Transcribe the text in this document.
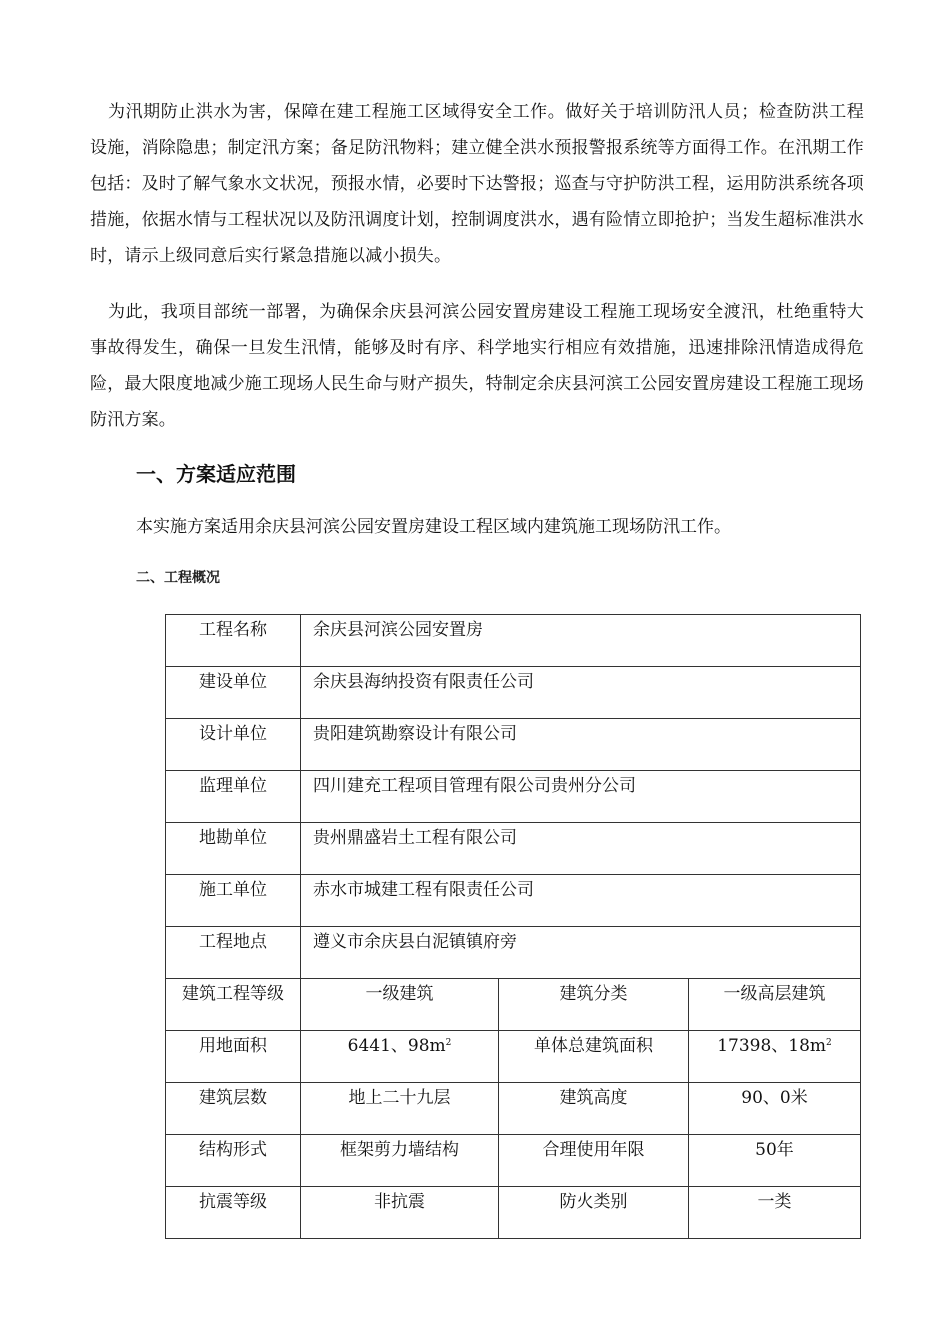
为汛期防止洪水为害，保障在建工程施工区域得安全工作。做好关于培训防汛人员；检查防洪工程设施，消除隐患；制定汛方案；备足防汛物料；建立健全洪水预报警报系统等方面得工作。在汛期工作包括：及时了解气象水文状况，预报水情，必要时下达警报；巡查与守护防洪工程，运用防洪系统各项措施，依据水情与工程状况以及防汛调度计划，控制调度洪水，遇有险情立即抢护；当发生超标准洪水时，请示上级同意后实行紧急措施以减小损失。

为此，我项目部统一部署，为确保余庆县河滨公园安置房建设工程施工现场安全渡汛，杜绝重特大事故得发生，确保一旦发生汛情，能够及时有序、科学地实行相应有效措施，迅速排除汛情造成得危险，最大限度地减少施工现场人民生命与财产损失，特制定余庆县河滨工公园安置房建设工程施工现场防汛方案。

一、方案适应范围

本实施方案适用余庆县河滨公园安置房建设工程区域内建筑施工现场防汛工作。

二、工程概况
工程名称	余庆县河滨公园安置房		
建设单位	余庆县海纳投资有限责任公司		
设计单位	贵阳建筑勘察设计有限公司		
监理单位	四川建充工程项目管理有限公司贵州分公司		
地勘单位	贵州鼎盛岩土工程有限公司		
施工单位	赤水市城建工程有限责任公司		
工程地点	遵义市余庆县白泥镇镇府旁		
建筑工程等级	一级建筑	建筑分类	一级高层建筑
用地面积	6441、$98m^2$	单体总建筑面积	17398、$18m^2$
建筑层数	地上二十九层	建筑高度	90、0米
结构形式	框架剪力墙结构	合理使用年限	50年
抗震等级	非抗震	防火类别	一类
